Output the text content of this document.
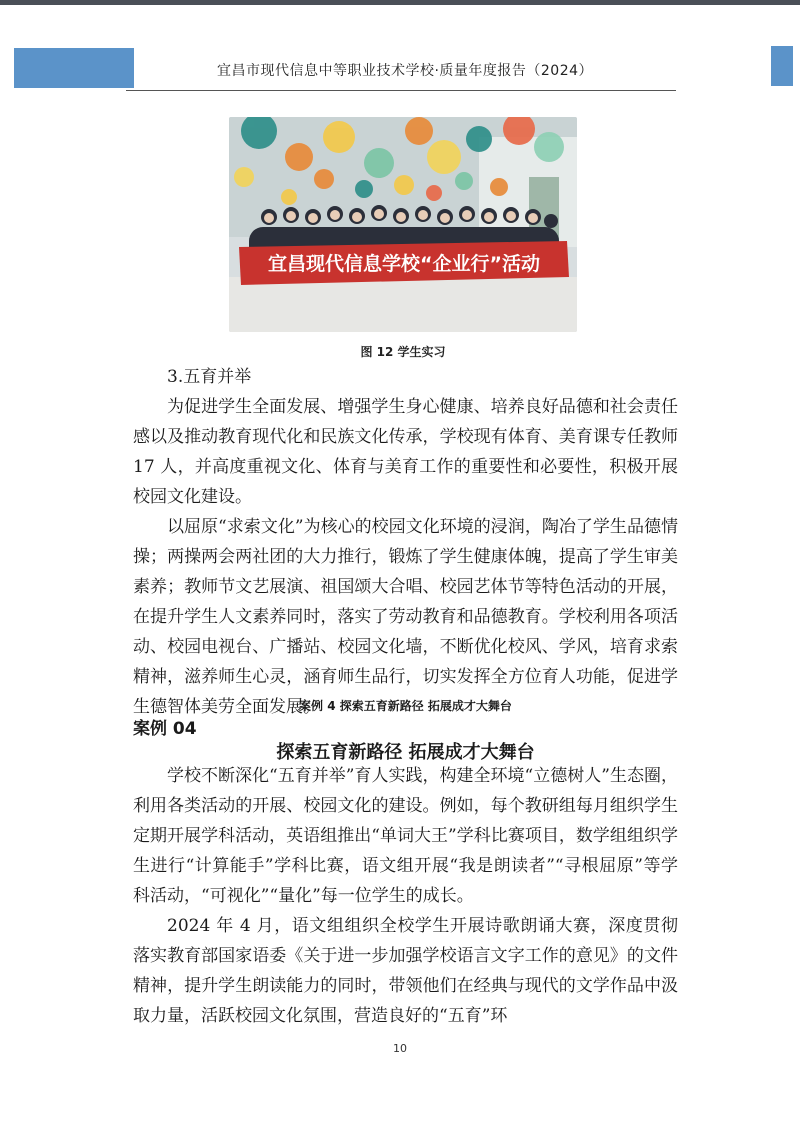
宜昌市现代信息中等职业技术学校·质量年度报告（2024）
宜昌现代信息学校“企业行”活动
图 12 学生实习

3.五育并举

为促进学生全面发展、增强学生身心健康、培养良好品德和社会责任感以及推动教育现代化和民族文化传承，学校现有体育、美育课专任教师 17 人，并高度重视文化、体育与美育工作的重要性和必要性，积极开展校园文化建设。

以屈原“求索文化”为核心的校园文化环境的浸润，陶冶了学生品德情操；两操两会两社团的大力推行，锻炼了学生健康体魄，提高了学生审美素养；教师节文艺展演、祖国颂大合唱、校园艺体节等特色活动的开展，在提升学生人文素养同时，落实了劳动教育和品德教育。学校利用各项活动、校园电视台、广播站、校园文化墙，不断优化校风、学风，培育求索精神，滋养师生心灵，涵育师生品行，切实发挥全方位育人功能，促进学生德智体美劳全面发展。

案例 4 探索五育新路径 拓展成才大舞台
案例 04
探索五育新路径 拓展成才大舞台

学校不断深化“五育并举”育人实践，构建全环境“立德树人”生态圈，利用各类活动的开展、校园文化的建设。例如，每个教研组每月组织学生定期开展学科活动，英语组推出“单词大王”学科比赛项目，数学组组织学生进行“计算能手”学科比赛，语文组开展“我是朗读者”“寻根屈原”等学科活动，“可视化”“量化”每一位学生的成长。

2024 年 4 月，语文组组织全校学生开展诗歌朗诵大赛，深度贯彻落实教育部国家语委《关于进一步加强学校语言文字工作的意见》的文件精神，提升学生朗读能力的同时，带领他们在经典与现代的文学作品中汲取力量，活跃校园文化氛围，营造良好的“五育”环

10
